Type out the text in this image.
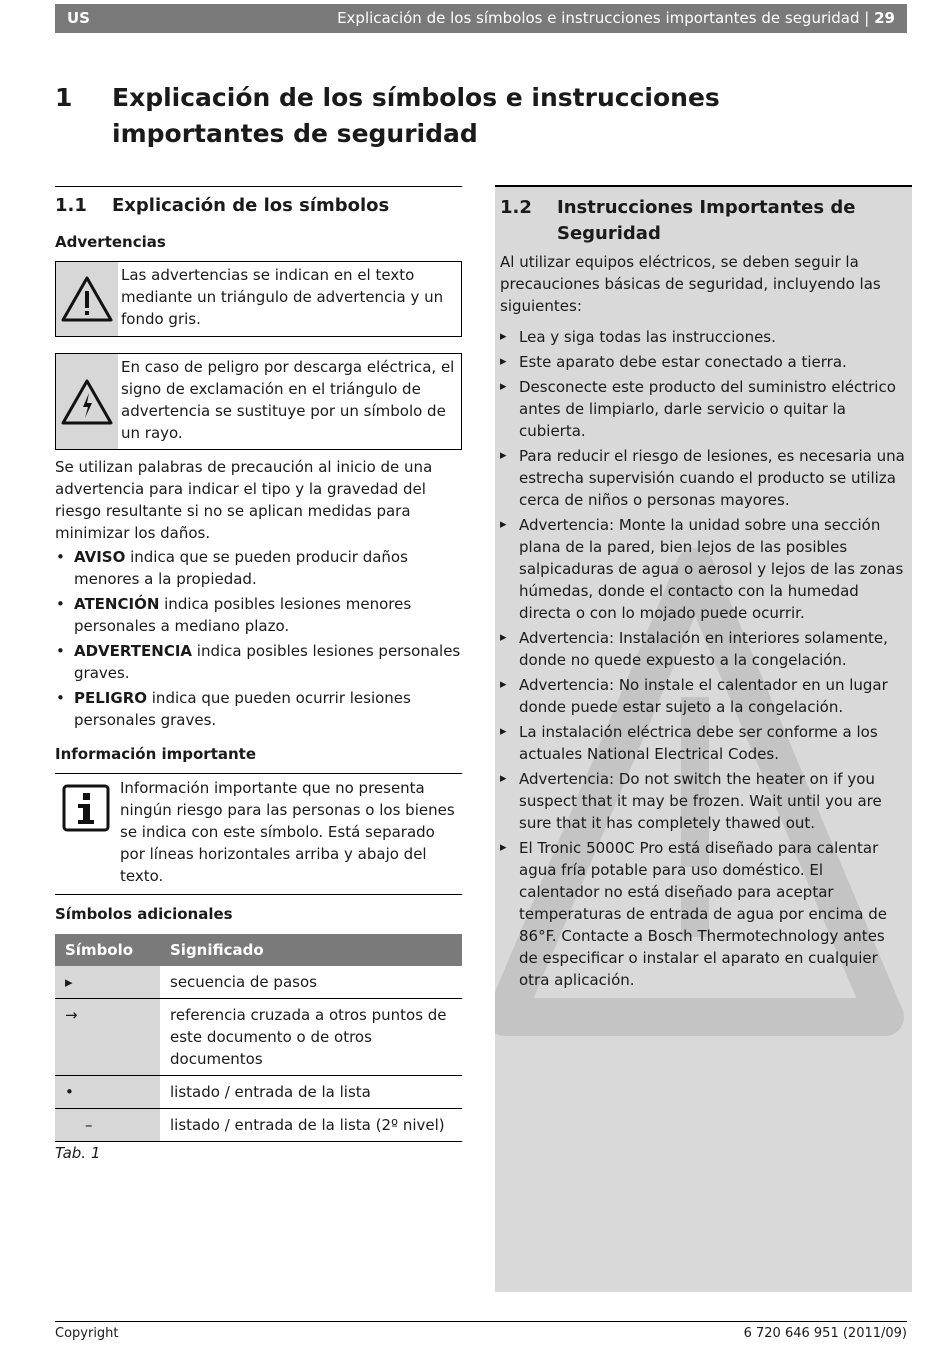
US	Explicación de los símbolos e instrucciones importantes de seguridad | 29
1 Explicación de los símbolos e instrucciones importantes de seguridad
1.1 Explicación de los símbolos
Advertencias
Las advertencias se indican en el texto mediante un triángulo de advertencia y un fondo gris.
En caso de peligro por descarga eléctrica, el signo de exclamación en el triángulo de advertencia se sustituye por un símbolo de un rayo.

Se utilizan palabras de precaución al inicio de una advertencia para indicar el tipo y la gravedad del riesgo resultante si no se aplican medidas para minimizar los daños.

• AVISO indica que se pueden producir daños menores a la propiedad.
• ATENCIÓN indica posibles lesiones menores personales a mediano plazo.
• ADVERTENCIA indica posibles lesiones personales graves.
• PELIGRO indica que pueden ocurrir lesiones personales graves.
Información importante
Información importante que no presenta ningún riesgo para las personas o los bienes se indica con este símbolo. Está separado por líneas horizontales arriba y abajo del texto.
Símbolos adicionales
Símbolo	Significado
▸	secuencia de pasos
→	referencia cruzada a otros puntos de este documento o de otros documentos
•	listado / entrada de la lista
–	listado / entrada de la lista (2º nivel)
Tab. 1
1.2 Instrucciones Importantes de Seguridad

Al utilizar equipos eléctricos, se deben seguir la precauciones básicas de seguridad, incluyendo las siguientes:

▸ Lea y siga todas las instrucciones.
▸ Este aparato debe estar conectado a tierra.
▸ Desconecte este producto del suministro eléctrico antes de limpiarlo, darle servicio o quitar la cubierta.
▸ Para reducir el riesgo de lesiones, es necesaria una estrecha supervisión cuando el producto se utiliza cerca de niños o personas mayores.
▸ Advertencia: Monte la unidad sobre una sección plana de la pared, bien lejos de las posibles salpicaduras de agua o aerosol y lejos de las zonas húmedas, donde el contacto con la humedad directa o con lo mojado puede ocurrir.
▸ Advertencia: Instalación en interiores solamente, donde no quede expuesto a la congelación.
▸ Advertencia: No instale el calentador en un lugar donde puede estar sujeto a la congelación.
▸ La instalación eléctrica debe ser conforme a los actuales National Electrical Codes.
▸ Advertencia: Do not switch the heater on if you suspect that it may be frozen. Wait until you are sure that it has completely thawed out.
▸ El Tronic 5000C Pro está diseñado para calentar agua fría potable para uso doméstico. El calentador no está diseñado para aceptar temperaturas de entrada de agua por encima de 86°F. Contacte a Bosch Thermotechnology antes de especificar o instalar el aparato en cualquier otra aplicación.
Copyright	6 720 646 951 (2011/09)
